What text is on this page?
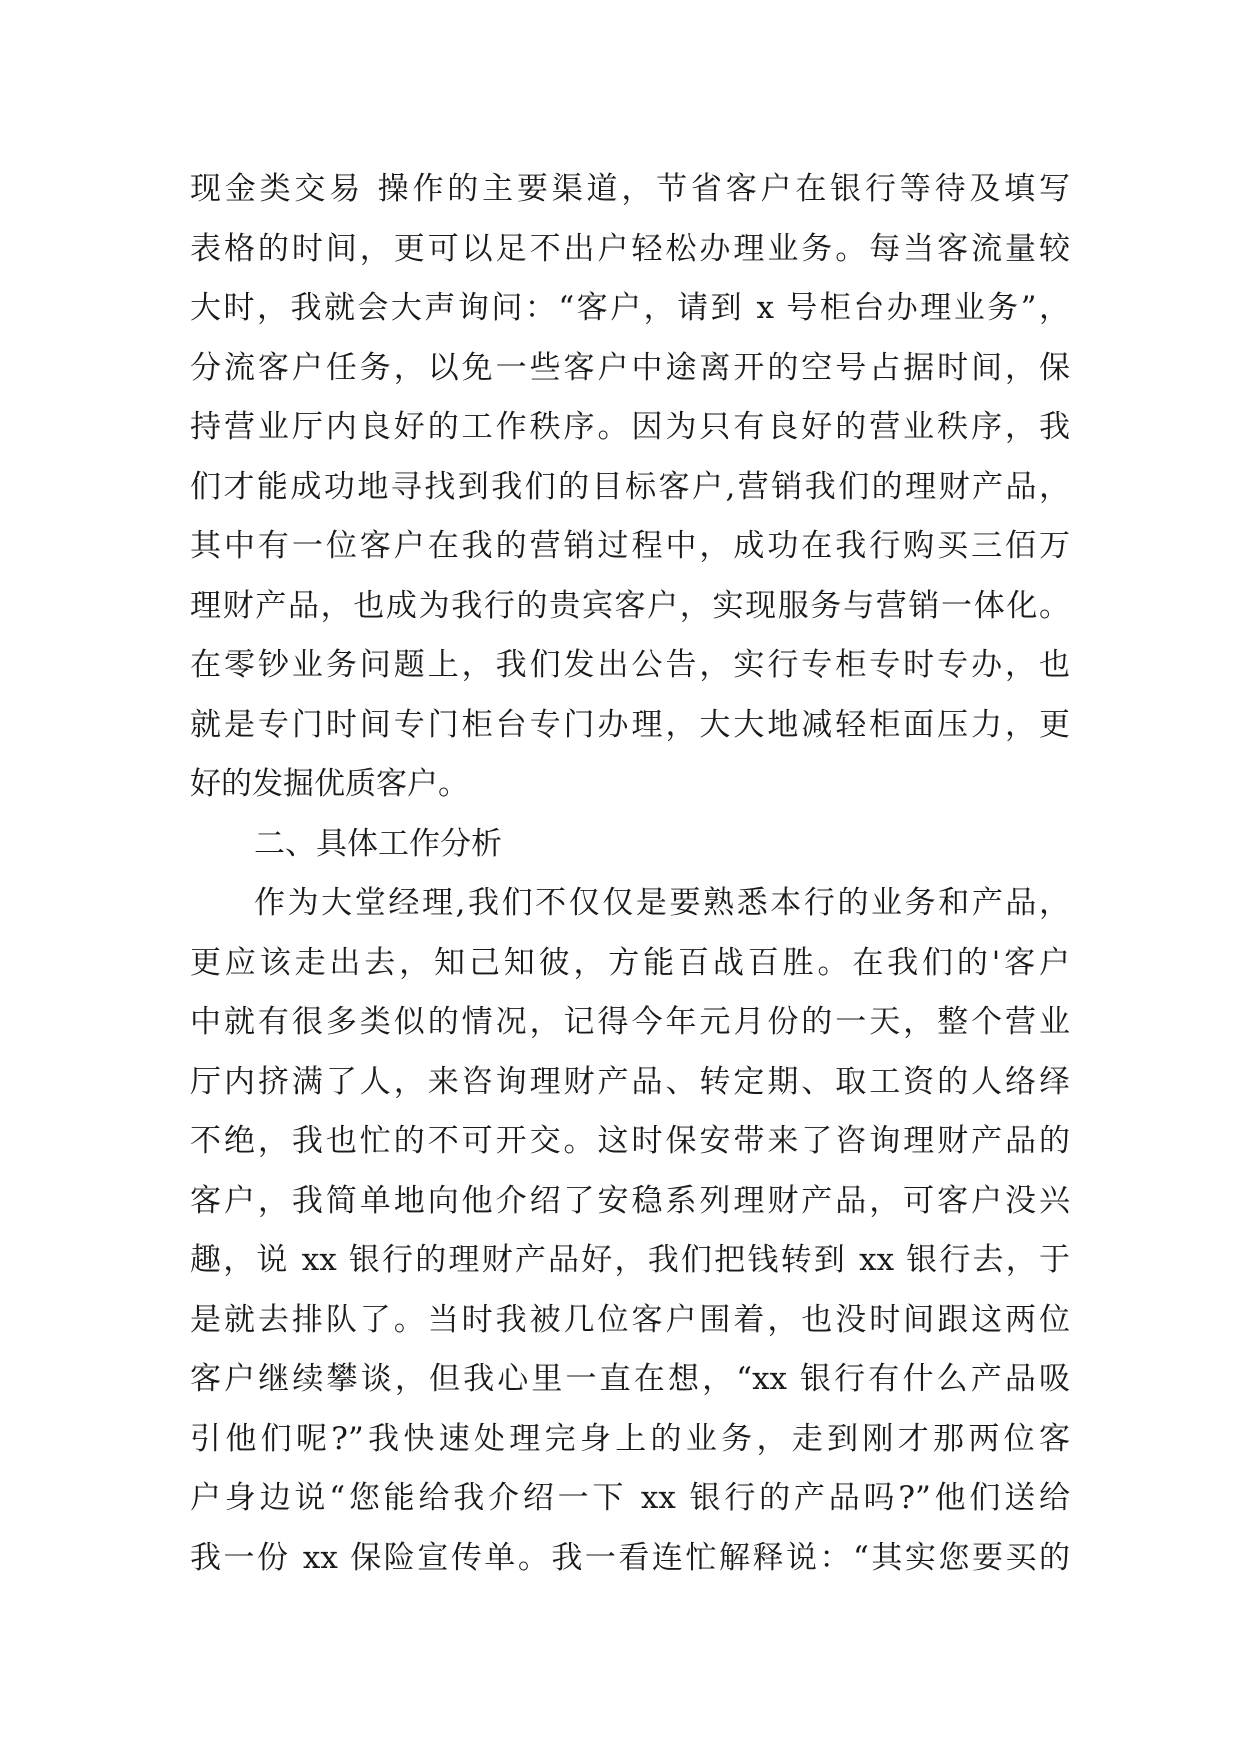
现金类交易 操作的主要渠道，节省客户在银行等待及填写
表格的时间，更可以足不出户轻松办理业务。每当客流量较
大时，我就会大声询问：“客户，请到 x 号柜台办理业务”，
分流客户任务，以免一些客户中途离开的空号占据时间，保
持营业厅内良好的工作秩序。因为只有良好的营业秩序，我
们才能成功地寻找到我们的目标客户,营销我们的理财产品，
其中有一位客户在我的营销过程中，成功在我行购买三佰万
理财产品，也成为我行的贵宾客户，实现服务与营销一体化。
在零钞业务问题上，我们发出公告，实行专柜专时专办，也
就是专门时间专门柜台专门办理，大大地减轻柜面压力，更
好的发掘优质客户。
二、具体工作分析
作为大堂经理,我们不仅仅是要熟悉本行的业务和产品，
更应该走出去，知己知彼，方能百战百胜。在我们的'客户
中就有很多类似的情况，记得今年元月份的一天，整个营业
厅内挤满了人，来咨询理财产品、转定期、取工资的人络绎
不绝，我也忙的不可开交。这时保安带来了咨询理财产品的
客户，我简单地向他介绍了安稳系列理财产品，可客户没兴
趣，说 xx 银行的理财产品好，我们把钱转到 xx 银行去，于
是就去排队了。当时我被几位客户围着，也没时间跟这两位
客户继续攀谈，但我心里一直在想，“xx 银行有什么产品吸
引他们呢?”我快速处理完身上的业务，走到刚才那两位客
户身边说“您能给我介绍一下 xx 银行的产品吗?”他们送给
我一份 xx 保险宣传单。我一看连忙解释说：“其实您要买的
